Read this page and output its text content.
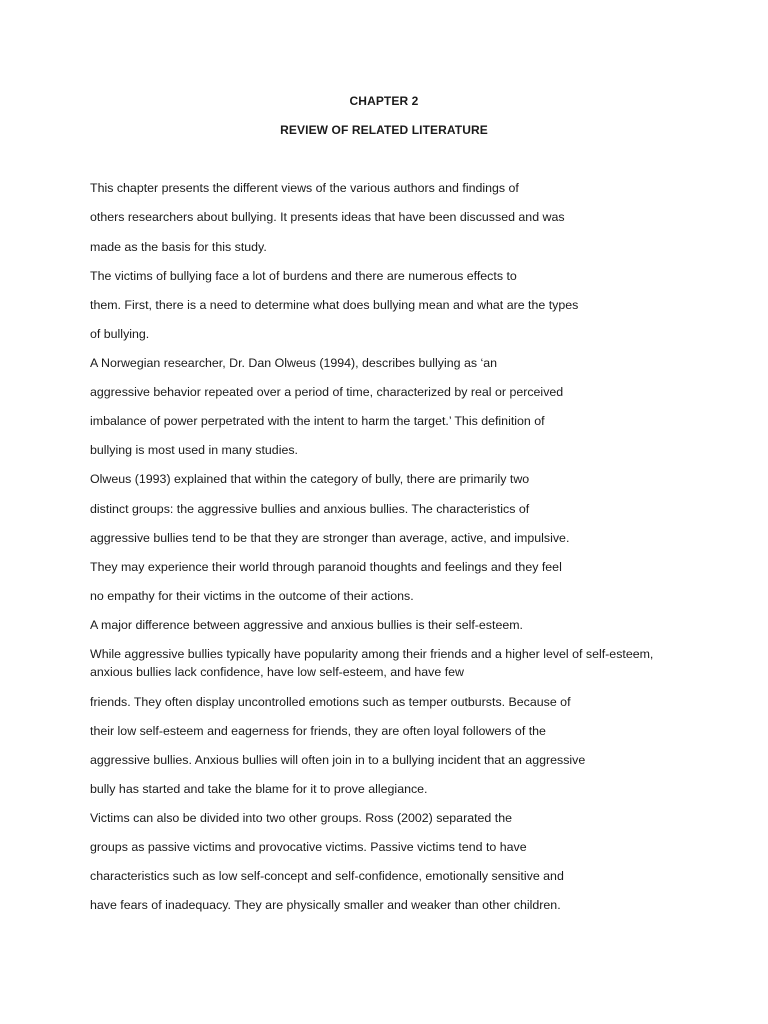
CHAPTER 2
REVIEW OF RELATED LITERATURE
This chapter presents the different views of the various authors and findings of
others researchers about bullying. It presents ideas that have been discussed and was
made as the basis for this study.
The victims of bullying face a lot of burdens and there are numerous effects to
them. First, there is a need to determine what does bullying mean and what are the types
of bullying.
A Norwegian researcher, Dr. Dan Olweus (1994), describes bullying as ‘an
aggressive behavior repeated over a period of time, characterized by real or perceived
imbalance of power perpetrated with the intent to harm the target.’ This definition of
bullying is most used in many studies.
Olweus (1993) explained that within the category of bully, there are primarily two
distinct groups: the aggressive bullies and anxious bullies. The characteristics of
aggressive bullies tend to be that they are stronger than average, active, and impulsive.
They may experience their world through paranoid thoughts and feelings and they feel
no empathy for their victims in the outcome of their actions.
A major difference between aggressive and anxious bullies is their self-esteem.
While aggressive bullies typically have popularity among their friends and a higher level of self-esteem,
anxious bullies lack confidence, have low self-esteem, and have few
friends. They often display uncontrolled emotions such as temper outbursts. Because of
their low self-esteem and eagerness for friends, they are often loyal followers of the
aggressive bullies. Anxious bullies will often join in to a bullying incident that an aggressive
bully has started and take the blame for it to prove allegiance.
Victims can also be divided into two other groups. Ross (2002) separated the
groups as passive victims and provocative victims. Passive victims tend to have
characteristics such as low self-concept and self-confidence, emotionally sensitive and
have fears of inadequacy. They are physically smaller and weaker than other children.
